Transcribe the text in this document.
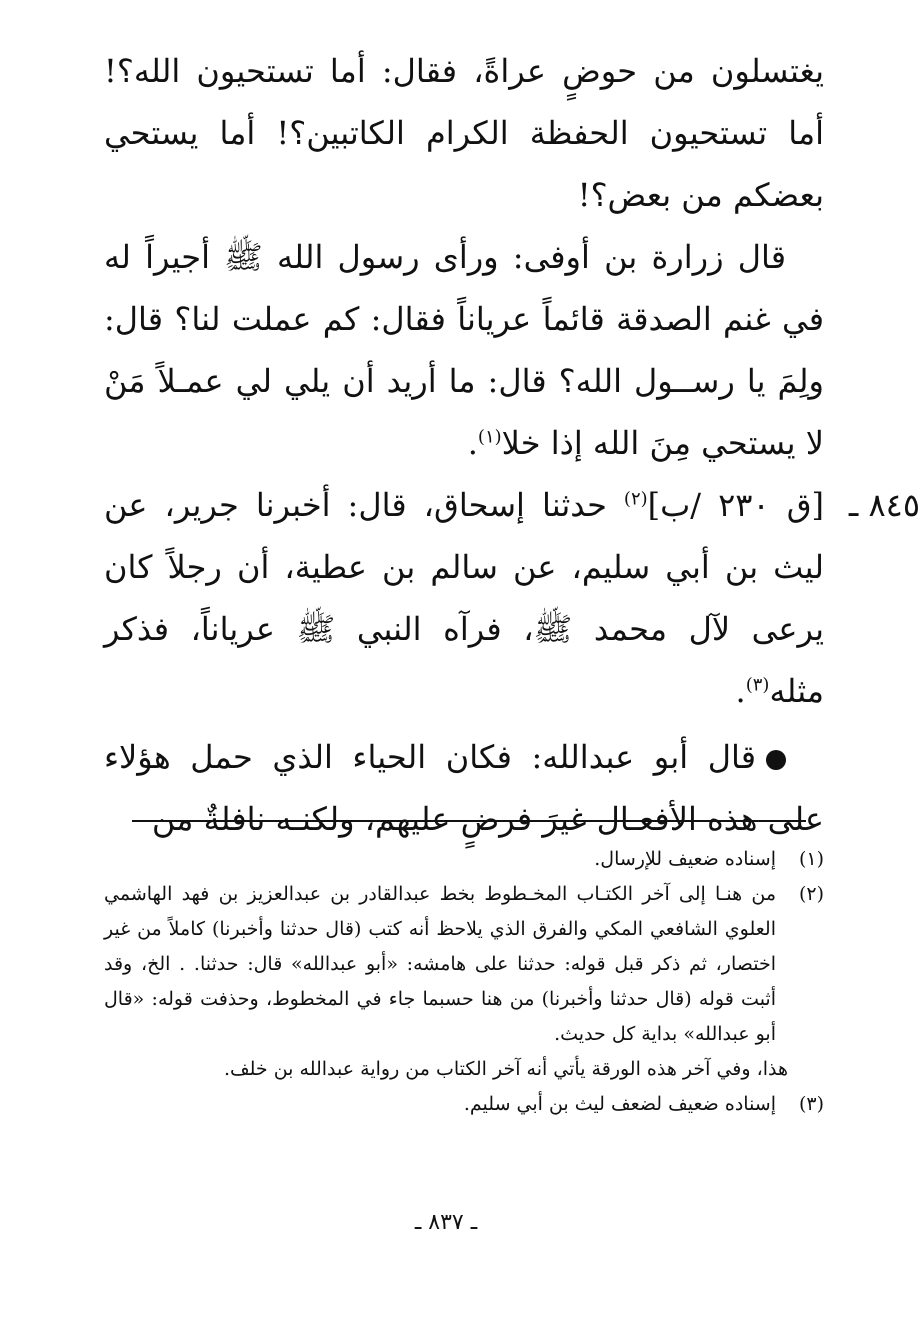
يغتسلون من حوضٍ عراةً، فقال: أما تستحيون الله؟! أما تستحيون الحفظة الكرام الكاتبين؟! أما يستحي بعضكم من بعض؟!

قال زرارة بن أوفى: ورأى رسول الله ﷺ أجيراً له في غنم الصدقة قائماً عرياناً فقال: كم عملت لنا؟ قال: ولِمَ يا رســول الله؟ قال: ما أريد أن يلي لي عمـلاً مَنْ لا يستحي مِنَ الله إذا خلا$^{(١)}$.

٨٤٥ ـ
[ق ٢٣٠ /ب]$^{(٢)}$ حدثنا إسحاق، قال: أخبرنا جرير، عن ليث بن أبي سليم، عن سالم بن عطية، أن رجلاً كان يرعى لآل محمد ﷺ، فرآه النبي ﷺ عرياناً، فذكر مثله$^{(٣)}$.

قال أبو عبدالله: فكان الحياء الذي حمل هؤلاء على هذه الأفعـال غيرَ فرضٍ عليهم، ولكنـه نافلةٌ من

(١)
إسناده ضعيف للإرسال.

(٢)
من هنـا إلى آخر الكتـاب المخـطوط بخط عبدالقادر بن عبدالعزيز بن فهد الهاشمي العلوي الشافعي المكي والفرق الذي يلاحظ أنه كتب (قال حدثنا وأخبرنا) كاملاً من غير اختصار، ثم ذكر قبل قوله: حدثنا على هامشه: «أبو عبدالله» قال: حدثنا. . الخ، وقد أثبت قوله (قال حدثنا وأخبرنا) من هنا حسبما جاء في المخطوط، وحذفت قوله: «قال أبو عبدالله» بداية كل حديث.

هذا، وفي آخر هذه الورقة يأتي أنه آخر الكتاب من رواية عبدالله بن خلف.

(٣)
إسناده ضعيف لضعف ليث بن أبي سليم.

ـ ٨٣٧ ـ
